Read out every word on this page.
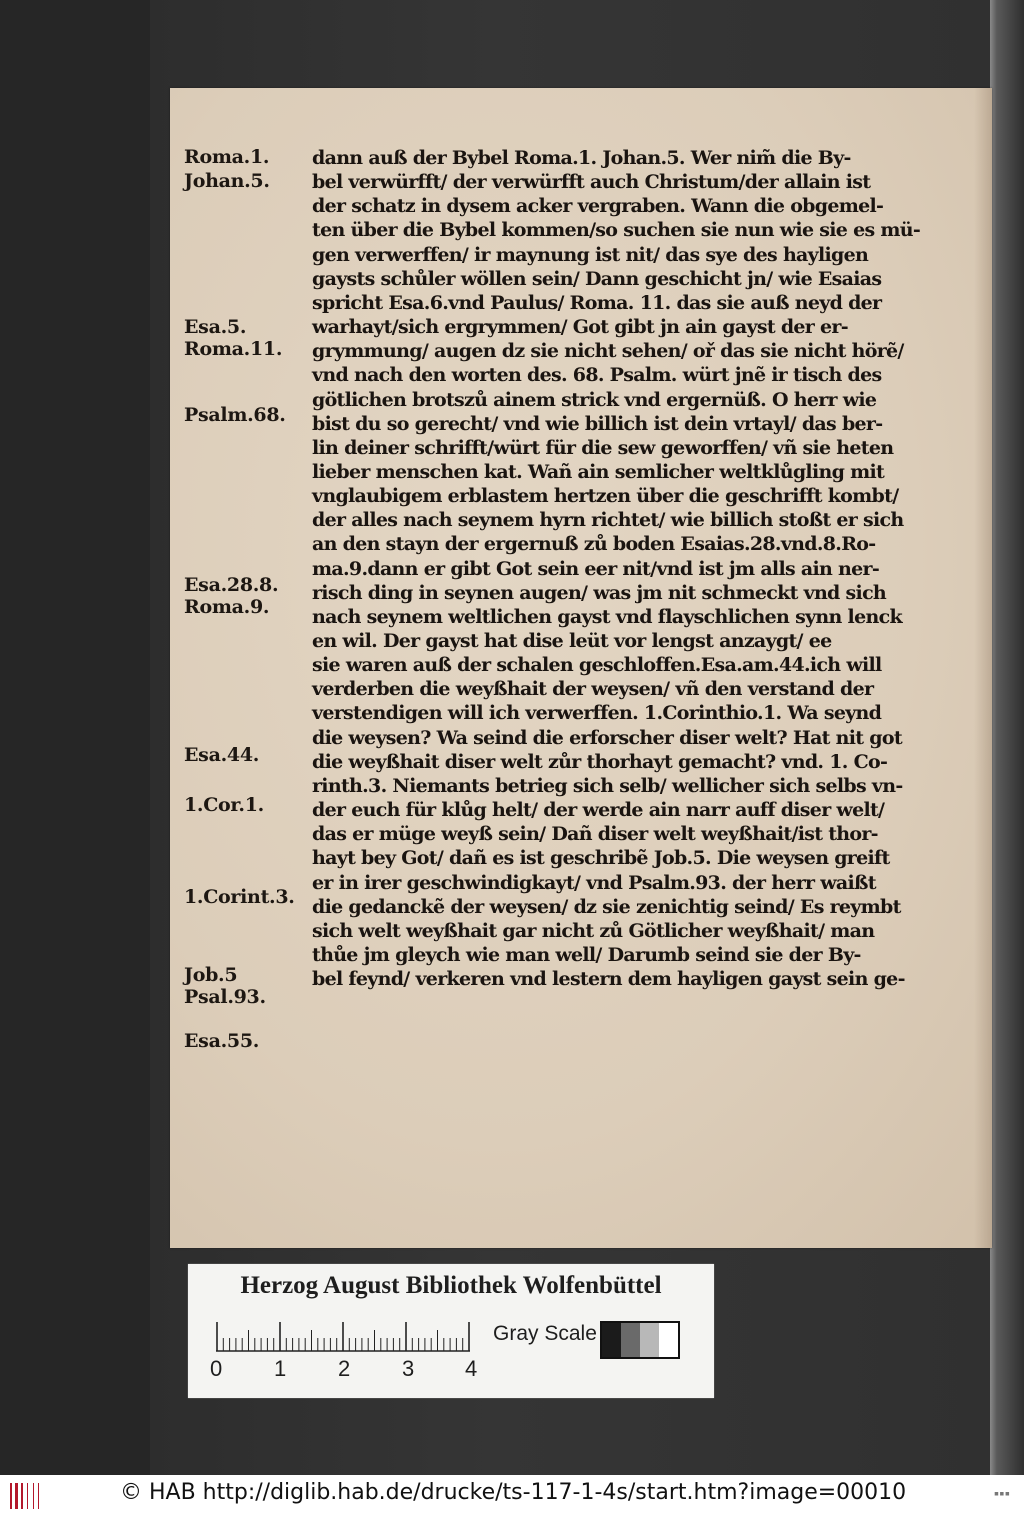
Roma.1.
Johan.5.
Esa.5.
Roma.11.
Psalm.68.
Esa.28.8.
Roma.9.
Esa.44.
1.Cor.1.
1.Corint.3.
Job.5
Psal.93.
Esa.55.
dann auß der Bybel Roma.1. Johan.5. Wer nim̃ die By-
bel verwürfft/ der verwürfft auch Christum/der allain ist
der schatz in dysem acker vergraben. Wann die obgemel-
ten über die Bybel kommen/so suchen sie nun wie sie es mü-
gen verwerffen/ ir maynung ist nit/ das sye des hayligen
gaysts schůler wöllen sein/ Dann geschicht jn/ wie Esaias
spricht Esa.6.vnd Paulus/ Roma. 11. das sie auß neyd der
warhayt/sich ergrymmen/ Got gibt jn ain gayst der er-
grymmung/ augen dz sie nicht sehen/ oř das sie nicht hörẽ/
vnd nach den worten des. 68. Psalm. würt jnẽ ir tisch des
götlichen brotszů ainem strick vnd ergernüß. O herr wie
bist du so gerecht/ vnd wie billich ist dein vrtayl/ das ber-
lin deiner schrifft/würt für die sew geworffen/ vñ sie heten
lieber menschen kat. Wañ ain semlicher weltklůgling mit
vnglaubigem erblastem hertzen über die geschrifft kombt/
der alles nach seynem hyrn richtet/ wie billich stoßt er sich
an den stayn der ergernuß zů boden Esaias.28.vnd.8.Ro-
ma.9.dann er gibt Got sein eer nit/vnd ist jm alls ain ner-
risch ding in seynen augen/ was jm nit schmeckt vnd sich
nach seynem weltlichen gayst vnd flayschlichen synn lenck
en wil. Der gayst hat dise leüt vor lengst anzaygt/ ee
sie waren auß der schalen geschloffen.Esa.am.44.ich will
verderben die weyßhait der weysen/ vñ den verstand der
verstendigen will ich verwerffen. 1.Corinthio.1. Wa seynd
die weysen? Wa seind die erforscher diser welt? Hat nit got
die weyßhait diser welt zůr thorhayt gemacht? vnd. 1. Co-
rinth.3. Niemants betrieg sich selb/ wellicher sich selbs vn-
der euch für klůg helt/ der werde ain narr auff diser welt/
das er müge weyß sein/ Dañ diser welt weyßhait/ist thor-
hayt bey Got/ dañ es ist geschribẽ Job.5. Die weysen greift
er in irer geschwindigkayt/ vnd Psalm.93. der herr waißt
die gedanckẽ der weysen/ dz sie zenichtig seind/ Es reymbt
sich welt weyßhait gar nicht zů Götlicher weyßhait/ man
thůe jm gleych wie man well/ Darumb seind sie der By-
bel feynd/ verkeren vnd lestern dem hayligen gayst sein ge-
Herzog August Bibliothek Wolfenbüttel
0 1 2 3 4
Gray Scale
© HAB http://diglib.hab.de/drucke/ts-117-1-4s/start.htm?image=00010	▪▪▪
